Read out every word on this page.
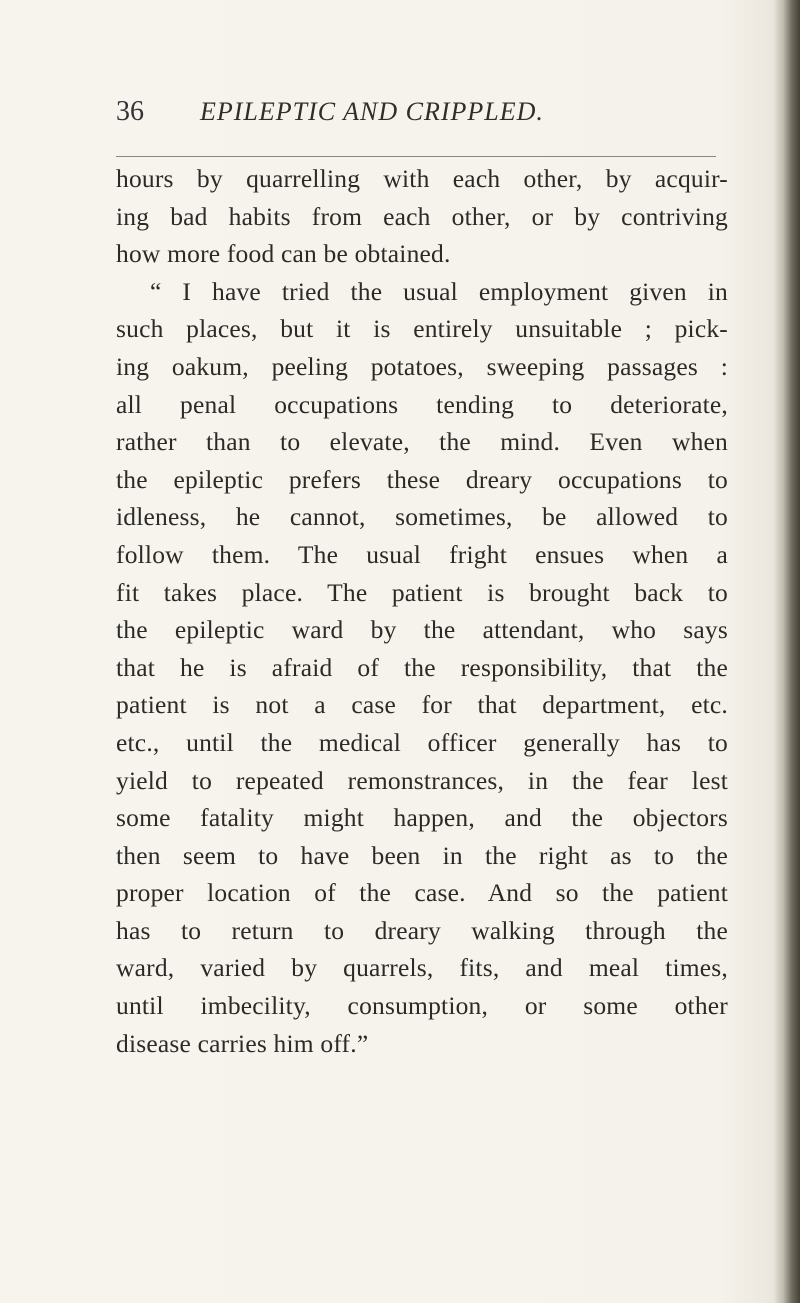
36 EPILEPTIC AND CRIPPLED.
hours by quarrelling with each other, by acquir-
ing bad habits from each other, or by contriving
how more food can be obtained.
“ I have tried the usual employment given in
such places, but it is entirely unsuitable ; pick-
ing oakum, peeling potatoes, sweeping passages :
all penal occupations tending to deteriorate,
rather than to elevate, the mind. Even when
the epileptic prefers these dreary occupations to
idleness, he cannot, sometimes, be allowed to
follow them. The usual fright ensues when a
fit takes place. The patient is brought back to
the epileptic ward by the attendant, who says
that he is afraid of the responsibility, that the
patient is not a case for that department, etc.
etc., until the medical officer generally has to
yield to repeated remonstrances, in the fear lest
some fatality might happen, and the objectors
then seem to have been in the right as to the
proper location of the case. And so the patient
has to return to dreary walking through the
ward, varied by quarrels, fits, and meal times,
until imbecility, consumption, or some other
disease carries him off.”
